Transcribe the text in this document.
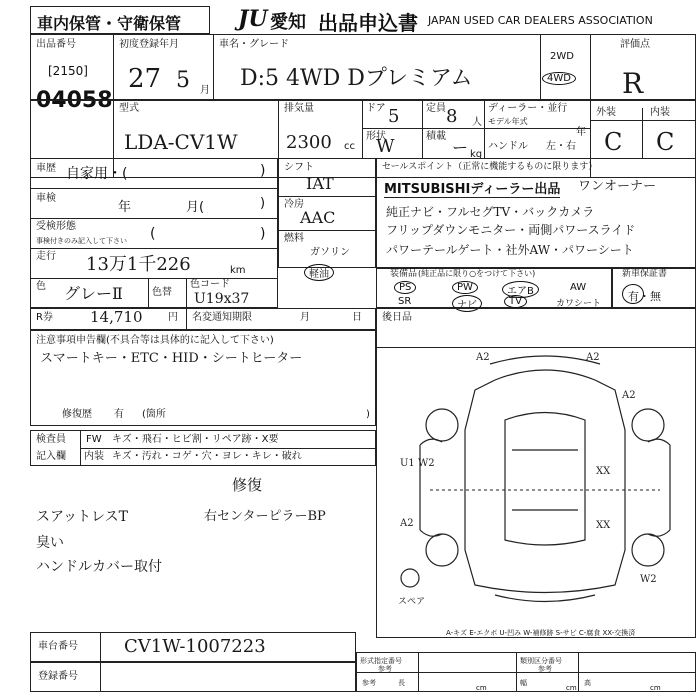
車内保管・守衛保管	JU 愛知 出品申込書 JAPAN USED CAR DEALERS ASSOCIATION
出品番号
[2150]
04058
初度登録年月
27 5 月
車名・グレード
D:5 4WD Dプレミアム
2WD
4WD
評価点
R
型式
LDA-CV1W
排気量
2300 cc
ドア 5	定員 8 人
形状
W	積載
ー kg
ディーラー・並行
モデル年式
年
ハンドル 左・右
外装	内装
C C
車歴 自家用・(	)
車検
年	月(	)
受検形態
事検付きのみ記入して下さい (	)
走行 13万1千226	km
色 グレーⅡ	色替
色コード
U19x37
シフト
IAT
冷房
AAC
燃料
ガソリン
軽油
セールスポイント（正常に機能するものに限ります）
MITSUBISHIディーラー出品 ワンオーナー
純正ナビ・フルセグTV・バックカメラ
フリップダウンモニター・両側パワースライド
パワーテールゲート・社外AW・パワーシート
装備品 (純正品に限り○をつけて下さい)
PS	PW	エアB	AW
SR	ナビ	TV	カワシート
新車保証書
有・無
R券 14,710	円 名変通知期限	月	日 後日品
注意事項申告欄(不具合等は具体的に記入して下さい)
スマートキー・ETC・HID・シートヒーター
修復歴 有 (箇所	)
検査員
記入欄
FW キズ・飛石・ヒビ割・リペア跡・X要
内装 キズ・汚れ・コゲ・穴・ヨレ・キレ・破れ
修復
スアットレスT	右センターピラーBP
臭い
ハンドルカバー取付
A2	A2
U1 W2
XX
XX
A2
W2
A2
スペア
A-キズ E-エクボ U-凹み W-補修跡 S-サビ C-腐食 XX-交換済
車台番号	CV1W-1007223
登録番号
形式指定番号
参考
類別区分番号
参考
参考	長
cm
幅
cm
高
cm
